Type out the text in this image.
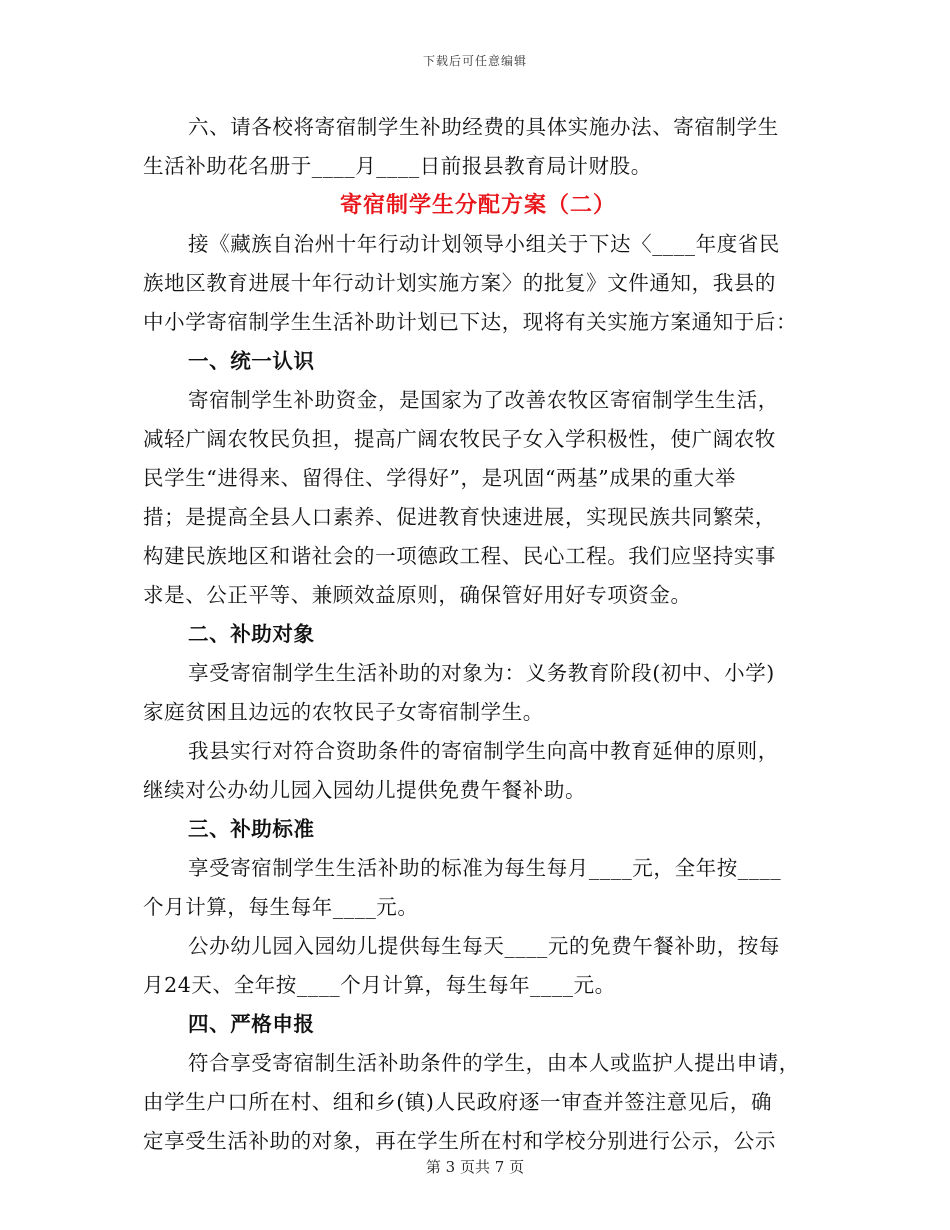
下载后可任意编辑
六、请各校将寄宿制学生补助经费的具体实施办法、寄宿制学生
生活补助花名册于____月____日前报县教育局计财股。
寄宿制学生分配方案（二）
接《藏族自治州十年行动计划领导小组关于下达〈____年度省民
族地区教育进展十年行动计划实施方案〉的批复》文件通知，我县的
中小学寄宿制学生生活补助计划已下达，现将有关实施方案通知于后：
一、统一认识
寄宿制学生补助资金，是国家为了改善农牧区寄宿制学生生活，
减轻广阔农牧民负担，提高广阔农牧民子女入学积极性，使广阔农牧
民学生“进得来、留得住、学得好”，是巩固“两基”成果的重大举
措；是提高全县人口素养、促进教育快速进展，实现民族共同繁荣，
构建民族地区和谐社会的一项德政工程、民心工程。我们应坚持实事
求是、公正平等、兼顾效益原则，确保管好用好专项资金。
二、补助对象
享受寄宿制学生生活补助的对象为：义务教育阶段(初中、小学)
家庭贫困且边远的农牧民子女寄宿制学生。
我县实行对符合资助条件的寄宿制学生向高中教育延伸的原则，
继续对公办幼儿园入园幼儿提供免费午餐补助。
三、补助标准
享受寄宿制学生生活补助的标准为每生每月____元，全年按____
个月计算，每生每年____元。
公办幼儿园入园幼儿提供每生每天____元的免费午餐补助，按每
月24天、全年按____个月计算，每生每年____元。
四、严格申报
符合享受寄宿制生活补助条件的学生，由本人或监护人提出申请，
由学生户口所在村、组和乡(镇)人民政府逐一审查并签注意见后，确
定享受生活补助的对象，再在学生所在村和学校分别进行公示，公示
第 3 页共 7 页
